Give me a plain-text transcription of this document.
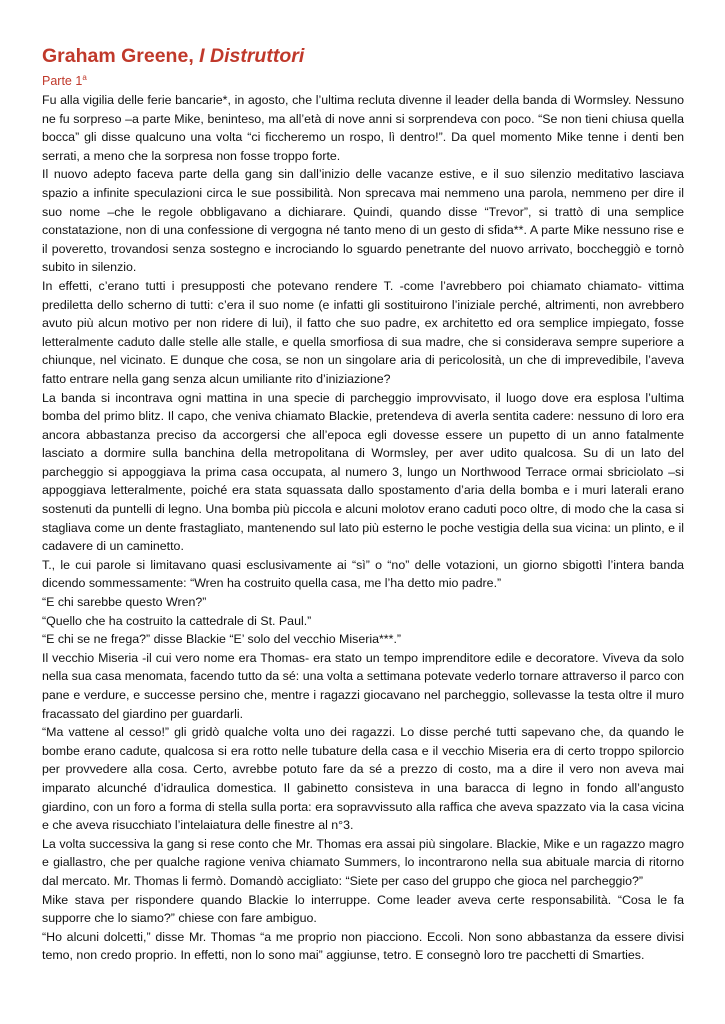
Graham Greene, I Distruttori
Parte 1$^a$

Fu alla vigilia delle ferie bancarie*, in agosto, che l’ultima recluta divenne il leader della banda di Wormsley. Nessuno ne fu sorpreso –a parte Mike, beninteso, ma all’età di nove anni si sorprendeva con poco. “Se non tieni chiusa quella bocca” gli disse qualcuno una volta “ci ficcheremo un rospo, lì dentro!”. Da quel momento Mike tenne i denti ben serrati, a meno che la sorpresa non fosse troppo forte.

Il nuovo adepto faceva parte della gang sin dall’inizio delle vacanze estive, e il suo silenzio meditativo lasciava spazio a infinite speculazioni circa le sue possibilità. Non sprecava mai nemmeno una parola, nemmeno per dire il suo nome –che le regole obbligavano a dichiarare. Quindi, quando disse “Trevor”, si trattò di una semplice constatazione, non di una confessione di vergogna né tanto meno di un gesto di sfida**. A parte Mike nessuno rise e il poveretto, trovandosi senza sostegno e incrociando lo sguardo penetrante del nuovo arrivato, boccheggiò e tornò subito in silenzio.

In effetti, c’erano tutti i presupposti che potevano rendere T. -come l’avrebbero poi chiamato chiamato- vittima prediletta dello scherno di tutti: c’era il suo nome (e infatti gli sostituirono l’iniziale perché, altrimenti, non avrebbero avuto più alcun motivo per non ridere di lui), il fatto che suo padre, ex architetto ed ora semplice impiegato, fosse letteralmente caduto dalle stelle alle stalle, e quella smorfiosa di sua madre, che si considerava sempre superiore a chiunque, nel vicinato. E dunque che cosa, se non un singolare aria di pericolosità, un che di imprevedibile, l’aveva fatto entrare nella gang senza alcun umiliante rito d’iniziazione?

La banda si incontrava ogni mattina in una specie di parcheggio improvvisato, il luogo dove era esplosa l’ultima bomba del primo blitz. Il capo, che veniva chiamato Blackie, pretendeva di averla sentita cadere: nessuno di loro era ancora abbastanza preciso da accorgersi che all’epoca egli dovesse essere un pupetto di un anno fatalmente lasciato a dormire sulla banchina della metropolitana di Wormsley, per aver udito qualcosa. Su di un lato del parcheggio si appoggiava la prima casa occupata, al numero 3, lungo un Northwood Terrace ormai sbriciolato –si appoggiava letteralmente, poiché era stata squassata dallo spostamento d’aria della bomba e i muri laterali erano sostenuti da puntelli di legno. Una bomba più piccola e alcuni molotov erano caduti poco oltre, di modo che la casa si stagliava come un dente frastagliato, mantenendo sul lato più esterno le poche vestigia della sua vicina: un plinto, e il cadavere di un caminetto.

T., le cui parole si limitavano quasi esclusivamente ai “sì” o “no” delle votazioni, un giorno sbigottì l’intera banda dicendo sommessamente: “Wren ha costruito quella casa, me l’ha detto mio padre.”

“E chi sarebbe questo Wren?”

“Quello che ha costruito la cattedrale di St. Paul.”

“E chi se ne frega?” disse Blackie “E’ solo del vecchio Miseria***.”

Il vecchio Miseria -il cui vero nome era Thomas- era stato un tempo imprenditore edile e decoratore. Viveva da solo nella sua casa menomata, facendo tutto da sé: una volta a settimana potevate vederlo tornare attraverso il parco con pane e verdure, e successe persino che, mentre i ragazzi giocavano nel parcheggio, sollevasse la testa oltre il muro fracassato del giardino per guardarli.

“Ma vattene al cesso!” gli gridò qualche volta uno dei ragazzi. Lo disse perché tutti sapevano che, da quando le bombe erano cadute, qualcosa si era rotto nelle tubature della casa e il vecchio Miseria era di certo troppo spilorcio per provvedere alla cosa. Certo, avrebbe potuto fare da sé a prezzo di costo, ma a dire il vero non aveva mai imparato alcunché d’idraulica domestica. Il gabinetto consisteva in una baracca di legno in fondo all’angusto giardino, con un foro a forma di stella sulla porta: era sopravvissuto alla raffica che aveva spazzato via la casa vicina e che aveva risucchiato l’intelaiatura delle finestre al n°3.

La volta successiva la gang si rese conto che Mr. Thomas era assai più singolare. Blackie, Mike e un ragazzo magro e giallastro, che per qualche ragione veniva chiamato Summers, lo incontrarono nella sua abituale marcia di ritorno dal mercato. Mr. Thomas li fermò. Domandò accigliato: “Siete per caso del gruppo che gioca nel parcheggio?”

Mike stava per rispondere quando Blackie lo interruppe. Come leader aveva certe responsabilità. “Cosa le fa supporre che lo siamo?” chiese con fare ambiguo.

“Ho alcuni dolcetti,” disse Mr. Thomas “a me proprio non piacciono. Eccoli. Non sono abbastanza da essere divisi temo, non credo proprio. In effetti, non lo sono mai” aggiunse, tetro. E consegnò loro tre pacchetti di Smarties.
